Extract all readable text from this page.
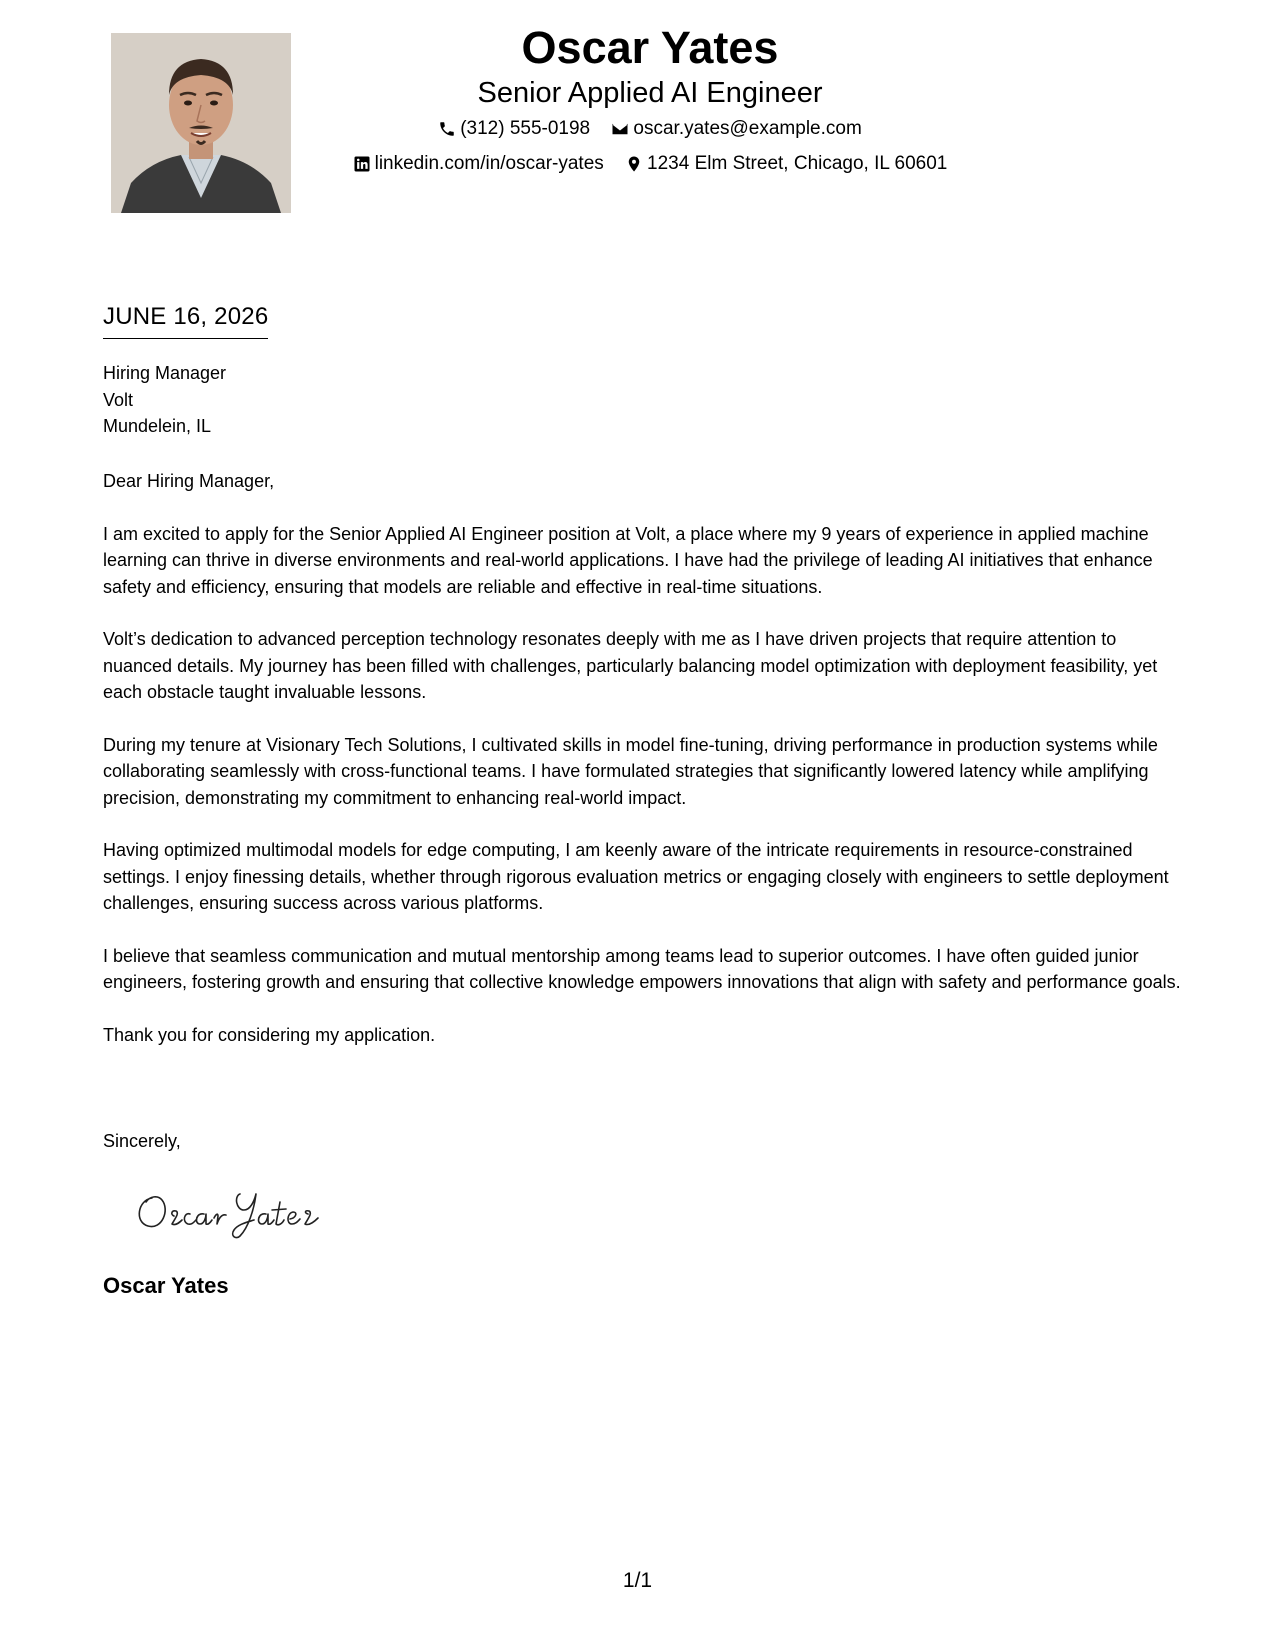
Oscar Yates
Senior Applied AI Engineer
(312) 555-0198
oscar.yates@example.com
linkedin.com/in/oscar-yates
1234 Elm Street, Chicago, IL 60601
JUNE 16, 2026
Hiring Manager
Volt
Mundelein, IL

Dear Hiring Manager,

I am excited to apply for the Senior Applied AI Engineer position at Volt, a place where my 9 years of experience in applied machine learning can thrive in diverse environments and real-world applications. I have had the privilege of leading AI initiatives that enhance safety and efficiency, ensuring that models are reliable and effective in real-time situations.

Volt’s dedication to advanced perception technology resonates deeply with me as I have driven projects that require attention to nuanced details. My journey has been filled with challenges, particularly balancing model optimization with deployment feasibility, yet each obstacle taught invaluable lessons.

During my tenure at Visionary Tech Solutions, I cultivated skills in model fine-tuning, driving performance in production systems while collaborating seamlessly with cross-functional teams. I have formulated strategies that significantly lowered latency while amplifying precision, demonstrating my commitment to enhancing real-world impact.

Having optimized multimodal models for edge computing, I am keenly aware of the intricate requirements in resource-constrained settings. I enjoy finessing details, whether through rigorous evaluation metrics or engaging closely with engineers to settle deployment challenges, ensuring success across various platforms.

I believe that seamless communication and mutual mentorship among teams lead to superior outcomes. I have often guided junior engineers, fostering growth and ensuring that collective knowledge empowers innovations that align with safety and performance goals.

Thank you for considering my application.

Sincerely,
Oscar Yates
1/1
